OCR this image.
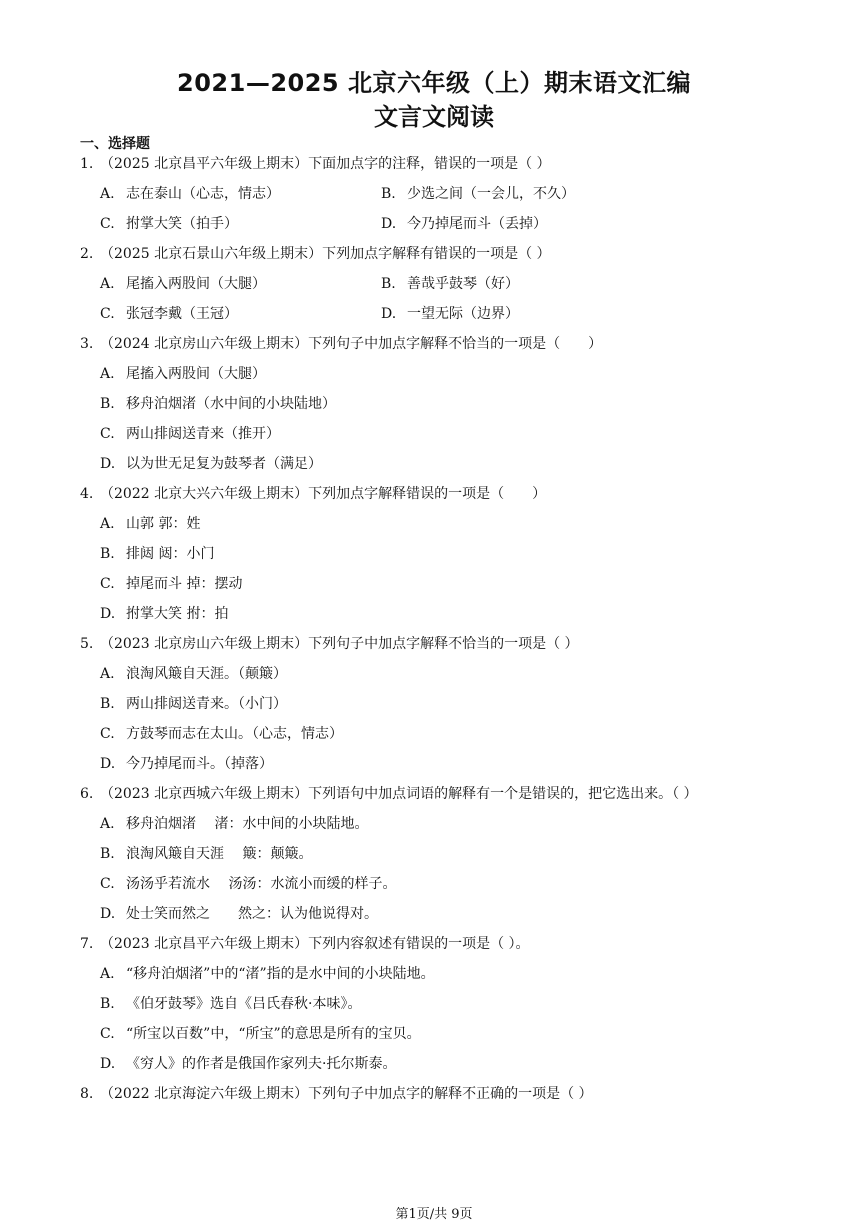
2021—2025 北京六年级（上）期末语文汇编
文言文阅读
一、选择题
1. （2025 北京昌平六年级上期末）下面加点字的注释，错误的一项是（ ）
A. 志在泰山（心志，情志）	B. 少选之间（一会儿，不久）
C. 拊掌大笑（拍手）	D. 今乃掉尾而斗（丢掉）
2. （2025 北京石景山六年级上期末）下列加点字解释有错误的一项是（ ）
A. 尾搐入两股间（大腿）	B. 善哉乎鼓琴（好）
C. 张冠李戴（王冠）	D. 一望无际（边界）
3. （2024 北京房山六年级上期末）下列句子中加点字解释不恰当的一项是（　　）
A. 尾搐入两股间（大腿）
B. 移舟泊烟渚（水中间的小块陆地）
C. 两山排闼送青来（推开）
D. 以为世无足复为鼓琴者（满足）
4. （2022 北京大兴六年级上期末）下列加点字解释错误的一项是（　　）
A. 山郭 郭：姓
B. 排闼 闼：小门
C. 掉尾而斗 掉：摆动
D. 拊掌大笑 拊：拍
5. （2023 北京房山六年级上期末）下列句子中加点字解释不恰当的一项是（ ）
A. 浪淘风簸自天涯。（颠簸）
B. 两山排闼送青来。（小门）
C. 方鼓琴而志在太山。（心志，情志）
D. 今乃掉尾而斗。（掉落）
6. （2023 北京西城六年级上期末）下列语句中加点词语的解释有一个是错误的，把它选出来。（ ）
A. 移舟泊烟渚　 渚：水中间的小块陆地。
B. 浪淘风簸自天涯　 簸：颠簸。
C. 汤汤乎若流水　 汤汤：水流小而缓的样子。
D. 处士笑而然之　　然之：认为他说得对。
7. （2023 北京昌平六年级上期末）下列内容叙述有错误的一项是（ ）。
A. “移舟泊烟渚”中的“渚”指的是水中间的小块陆地。
B. 《伯牙鼓琴》选自《吕氏春秋·本味》。
C. “所宝以百数”中，“所宝”的意思是所有的宝贝。
D. 《穷人》的作者是俄国作家列夫·托尔斯泰。
8. （2022 北京海淀六年级上期末）下列句子中加点字的解释不正确的一项是（ ）
第1页/共 9页
